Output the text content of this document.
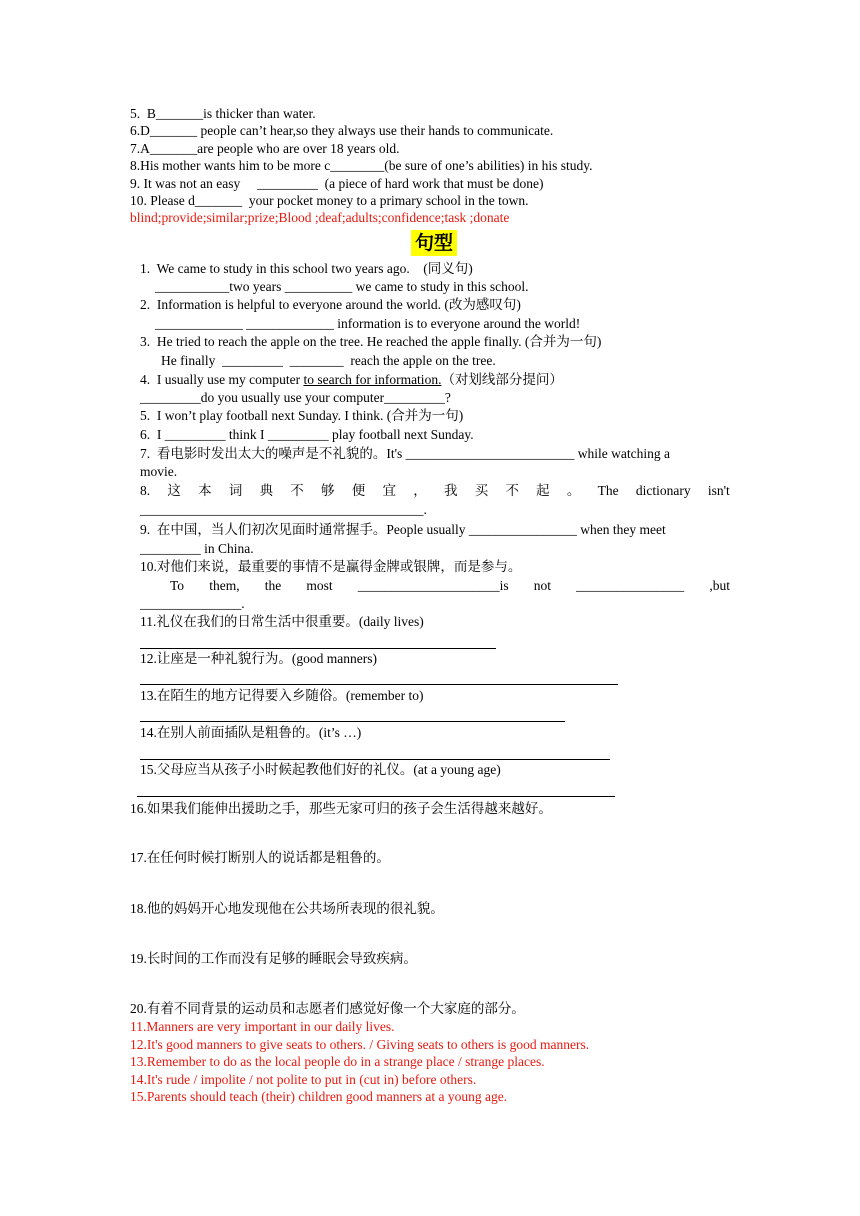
5.  B_______is thicker than water.
6.D_______ people can’t hear,so they always use their hands to communicate.
7.A_______are people who are over 18 years old.
8.His mother wants him to be more c________(be sure of one’s abilities) in his study.
9. It was not an easy     _________  (a piece of hard work that must be done)
10. Please d_______  your pocket money to a primary school in the town.
blind;provide;similar;prize;Blood ;deaf;adults;confidence;task ;donate
句型
1.  We came to study in this school two years ago.    (同义句)
___________two years __________ we came to study in this school.
2.  Information is helpful to everyone around the world. (改为感叹句)
_____________ _____________ information is to everyone around the world!
3.  He tried to reach the apple on the tree. He reached the apple finally. (合并为一句)
He finally  _________  ________  reach the apple on the tree.
4.  I usually use my computer to search for information.（对划线部分提问）
_________do you usually use your computer_________?
5.  I won’t play football next Sunday. I think. (合并为一句)
6.  I _________ think I _________ play football next Sunday.
7.  看电影时发出太大的噪声是不礼貌的。It's _________________________ while watching a
movie.
8. 这 本 词 典 不 够 便 宜 ， 我 买 不 起 。 The dictionary isn't
__________________________________________.
9.  在中国，当人们初次见面时通常握手。People usually ________________ when they meet
_________ in China.
10.对他们来说，最重要的事情不是赢得金牌或银牌，而是参与。
To them, the most _____________________is not ________________ ,but
_______________.
11.礼仪在我们的日常生活中很重要。(daily lives)
12.让座是一种礼貌行为。(good manners)
13.在陌生的地方记得要入乡随俗。(remember to)
14.在别人前面插队是粗鲁的。(it’s …)
15.父母应当从孩子小时候起教他们好的礼仪。(at a young age)
16.如果我们能伸出援助之手，那些无家可归的孩子会生活得越来越好。
17.在任何时候打断别人的说话都是粗鲁的。
18.他的妈妈开心地发现他在公共场所表现的很礼貌。
19.长时间的工作而没有足够的睡眠会导致疾病。
20.有着不同背景的运动员和志愿者们感觉好像一个大家庭的部分。
11.Manners are very important in our daily lives.
12.It's good manners to give seats to others. / Giving seats to others is good manners.
13.Remember to do as the local people do in a strange place / strange places.
14.It's rude / impolite / not polite to put in (cut in) before others.
15.Parents should teach (their) children good manners at a young age.
